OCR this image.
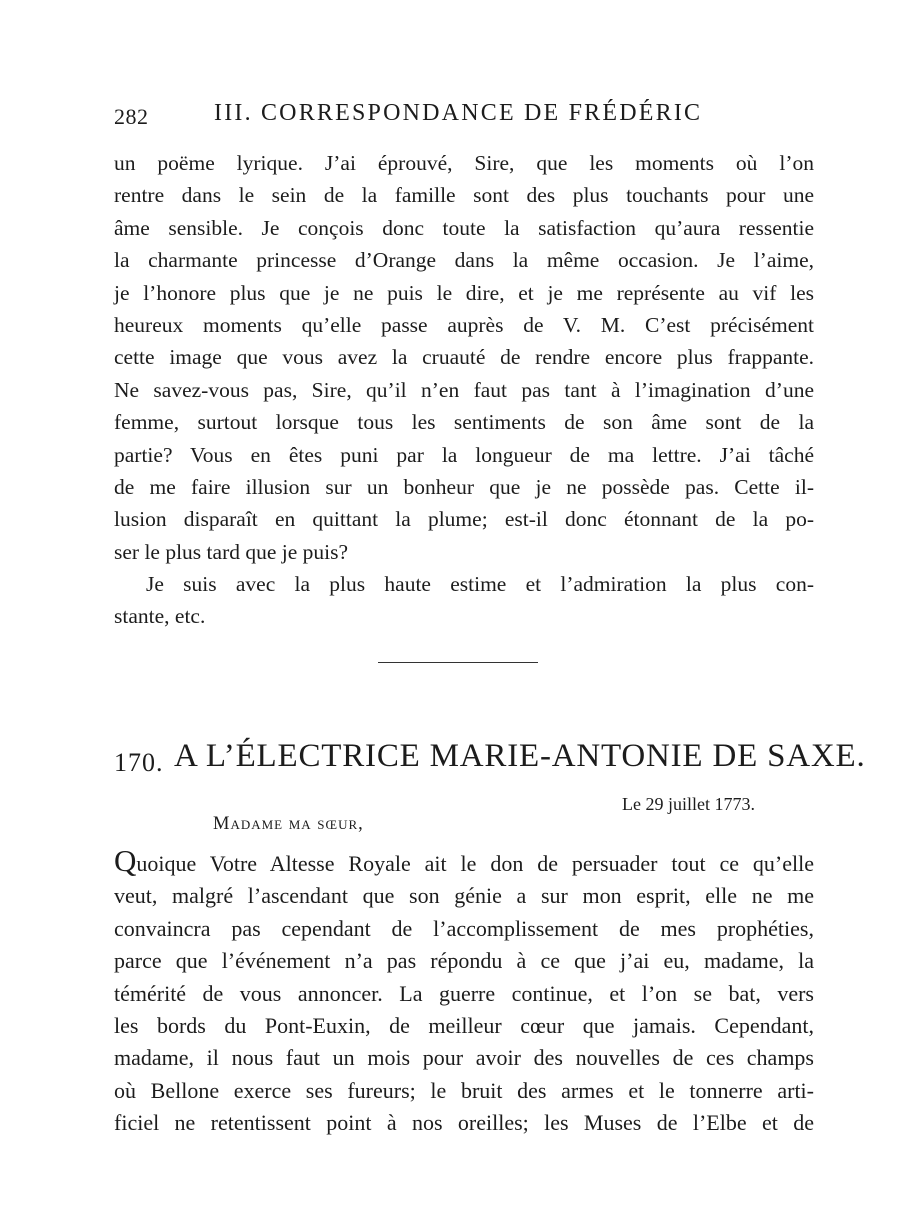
282	III. CORRESPONDANCE DE FRÉDÉRIC
un poëme lyrique. J’ai éprouvé, Sire, que les moments où l’on
rentre dans le sein de la famille sont des plus touchants pour une
âme sensible. Je conçois donc toute la satisfaction qu’aura ressentie
la charmante princesse d’Orange dans la même occasion. Je l’aime,
je l’honore plus que je ne puis le dire, et je me représente au vif les
heureux moments qu’elle passe auprès de V. M. C’est précisément
cette image que vous avez la cruauté de rendre encore plus frappante.
Ne savez-vous pas, Sire, qu’il n’en faut pas tant à l’imagination d’une
femme, surtout lorsque tous les sentiments de son âme sont de la
partie? Vous en êtes puni par la longueur de ma lettre. J’ai tâché
de me faire illusion sur un bonheur que je ne possède pas. Cette il-
lusion disparaît en quittant la plume; est-il donc étonnant de la po-
ser le plus tard que je puis?
Je suis avec la plus haute estime et l’admiration la plus con-
stante, etc.
170. A L’ÉLECTRICE MARIE-ANTONIE DE SAXE.
Le 29 juillet 1773.
Madame ma sœur,
Quoique Votre Altesse Royale ait le don de persuader tout ce qu’elle
veut, malgré l’ascendant que son génie a sur mon esprit, elle ne me
convaincra pas cependant de l’accomplissement de mes prophéties,
parce que l’événement n’a pas répondu à ce que j’ai eu, madame, la
témérité de vous annoncer. La guerre continue, et l’on se bat, vers
les bords du Pont-Euxin, de meilleur cœur que jamais. Cependant,
madame, il nous faut un mois pour avoir des nouvelles de ces champs
où Bellone exerce ses fureurs; le bruit des armes et le tonnerre arti-
ficiel ne retentissent point à nos oreilles; les Muses de l’Elbe et de
